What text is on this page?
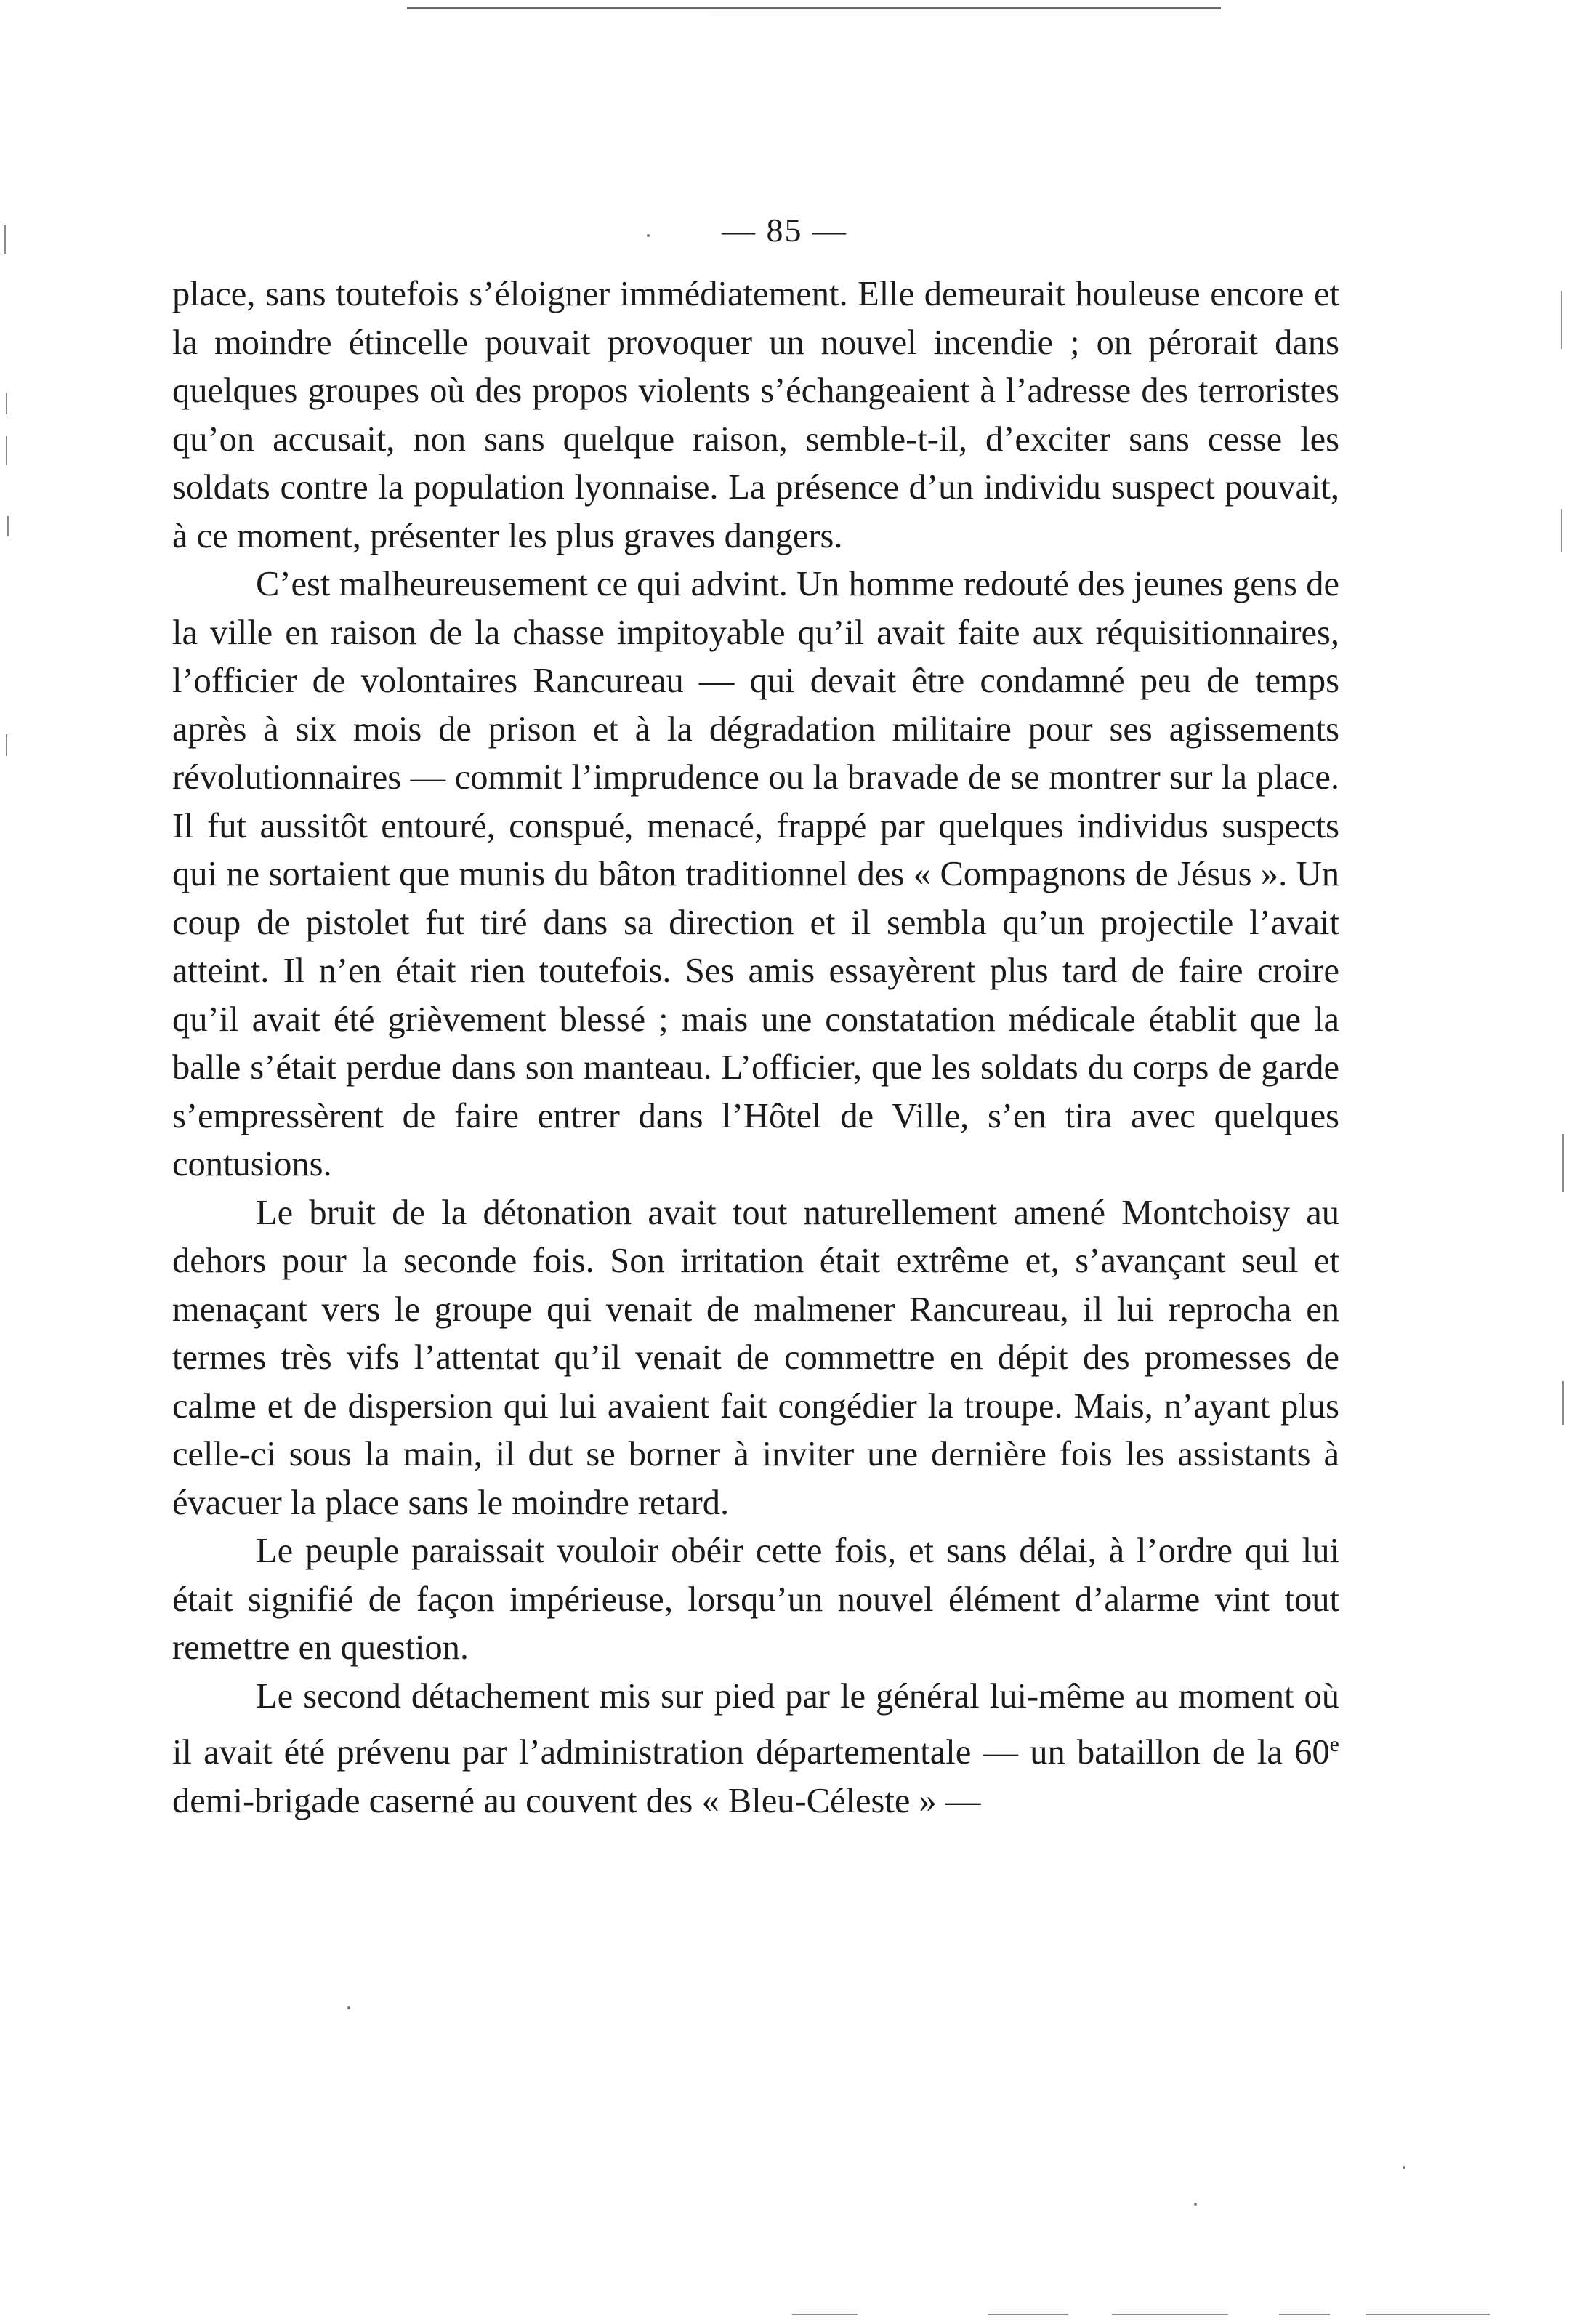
— 85 —

place, sans toutefois s’éloigner immédiatement. Elle demeurait houleuse encore et la moindre étincelle pouvait provoquer un nouvel incendie ; on pérorait dans quelques groupes où des propos violents s’échangeaient à l’adresse des terroristes qu’on accusait, non sans quelque raison, semble-t-il, d’exciter sans cesse les soldats contre la population lyonnaise. La présence d’un individu suspect pouvait, à ce moment, présenter les plus graves dangers.

C’est malheureusement ce qui advint. Un homme redouté des jeunes gens de la ville en raison de la chasse impitoyable qu’il avait faite aux réquisitionnaires, l’officier de volontaires Rancureau — qui devait être condamné peu de temps après à six mois de prison et à la dégradation militaire pour ses agissements révolutionnaires — commit l’imprudence ou la bravade de se montrer sur la place. Il fut aussitôt entouré, conspué, menacé, frappé par quelques individus suspects qui ne sortaient que munis du bâton traditionnel des « Compagnons de Jésus ». Un coup de pistolet fut tiré dans sa direction et il sembla qu’un projectile l’avait atteint. Il n’en était rien toutefois. Ses amis essayèrent plus tard de faire croire qu’il avait été grièvement blessé ; mais une constatation médicale établit que la balle s’était perdue dans son manteau. L’officier, que les soldats du corps de garde s’empressèrent de faire entrer dans l’Hôtel de Ville, s’en tira avec quelques contusions.

Le bruit de la détonation avait tout naturellement amené Montchoisy au dehors pour la seconde fois. Son irritation était extrême et, s’avançant seul et menaçant vers le groupe qui venait de malmener Rancureau, il lui reprocha en termes très vifs l’attentat qu’il venait de commettre en dépit des promesses de calme et de dispersion qui lui avaient fait congédier la troupe. Mais, n’ayant plus celle-ci sous la main, il dut se borner à inviter une dernière fois les assistants à évacuer la place sans le moindre retard.

Le peuple paraissait vouloir obéir cette fois, et sans délai, à l’ordre qui lui était signifié de façon impérieuse, lorsqu’un nouvel élément d’alarme vint tout remettre en question.

Le second détachement mis sur pied par le général lui-même au moment où il avait été prévenu par l’administration départementale — un bataillon de la 60e demi-brigade caserné au couvent des « Bleu-Céleste » —
